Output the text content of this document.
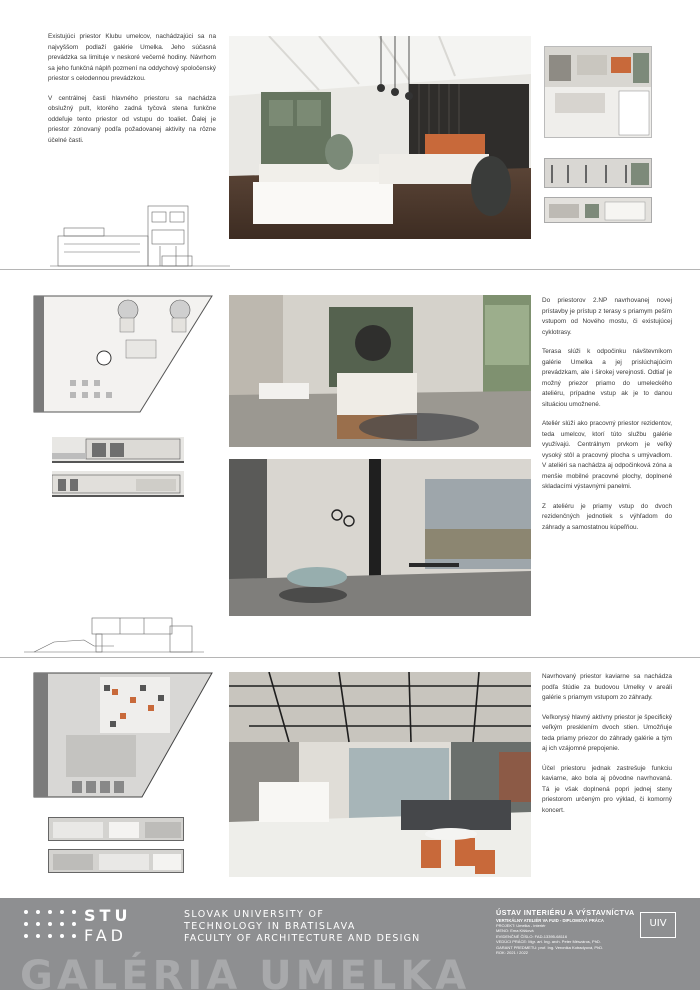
Existujúci priestor Klubu umelcov, nachádzajúci sa na najvyššom podlaží galérie Umelka. Jeho súčasná prevádzka sa limituje v neskoré večerné hodiny. Návrhom sa jeho funkčná náplň pozmení na oddychový spoločenský priestor s celodennou prevádzkou.

V centrálnej časti hlavného priestoru sa nachádza obslužný pult, ktorého zadná tyčová stena funkčne oddeľuje tento priestor od vstupu do toaliet. Ďalej je priestor zónovaný podľa požadovanej aktivity na rôzne účelné časti.

Do priestorov 2.NP navrhovanej novej prístavby je prístup z terasy s priamym peším vstupom od Nového mostu, či existujúcej cyklotrasy.

Terasa slúži k odpočinku návštevníkom galérie Umelka a jej prislúchajúcim prevádzkam, ale i širokej verejnosti. Odtiaľ je možný priezor priamo do umeleckého ateliéru, prípadne vstup ak je to danou situáciou umožnené.

Ateliér slúži ako pracovný priestor rezidentov, teda umelcov, ktorí túto službu galérie využívajú. Centrálnym prvkom je veľký vysoký stôl a pracovný plocha s umývadlom. V ateliéri sa nachádza aj odpočinková zóna a menšie mobilné pracovné plochy, doplnené skladacími výstavnými panelmi.

Z ateliéru je priamy vstup do dvoch rezidenčných jednotiek s výhľadom do záhrady a samostatnou kúpeľňou.

Navrhovaný priestor kaviarne sa nachádza podľa štúdie za budovou Umelky v areáli galérie s priamym vstupom zo záhrady.

Veľkorysý hlavný aktívny priestor je špecifický veľkým presklením dvoch stien. Umožňuje teda priamy priezor do záhrady galérie a tým aj ich vzájomné prepojenie.

Účel priestoru jednak zastrešuje funkciu kaviarne, ako bola aj pôvodne navrhovaná. Tá je však doplnená popri jednej steny priestorom určeným pro výklad, či komorný koncert.

STU
FAD
SLOVAK UNIVERSITY OF
TECHNOLOGY IN BRATISLAVA
FACULTY OF ARCHITECTURE AND DESIGN
GALÉRIA UMELKA
ÚSTAV INTERIÉRU A VÝSTAVNÍCTVA
VERTIKÁLNY ATELIÉR VA FUID - DIPLOMOVÁ PRÁCA
PROJEKT: Umelka - interiér
MENO: Ema Kiššová
EVIDENČNÉ ČÍSLO: FAD-13395-68116
VEDÚCI PRÁCE: Mgr. art. Ing. arch. Peter Mészáros, PhD.
GARANT PREDMETU: prof. Ing. Veronika Kotradyová, PhD.
ROK: 2021 / 2022
UIV
